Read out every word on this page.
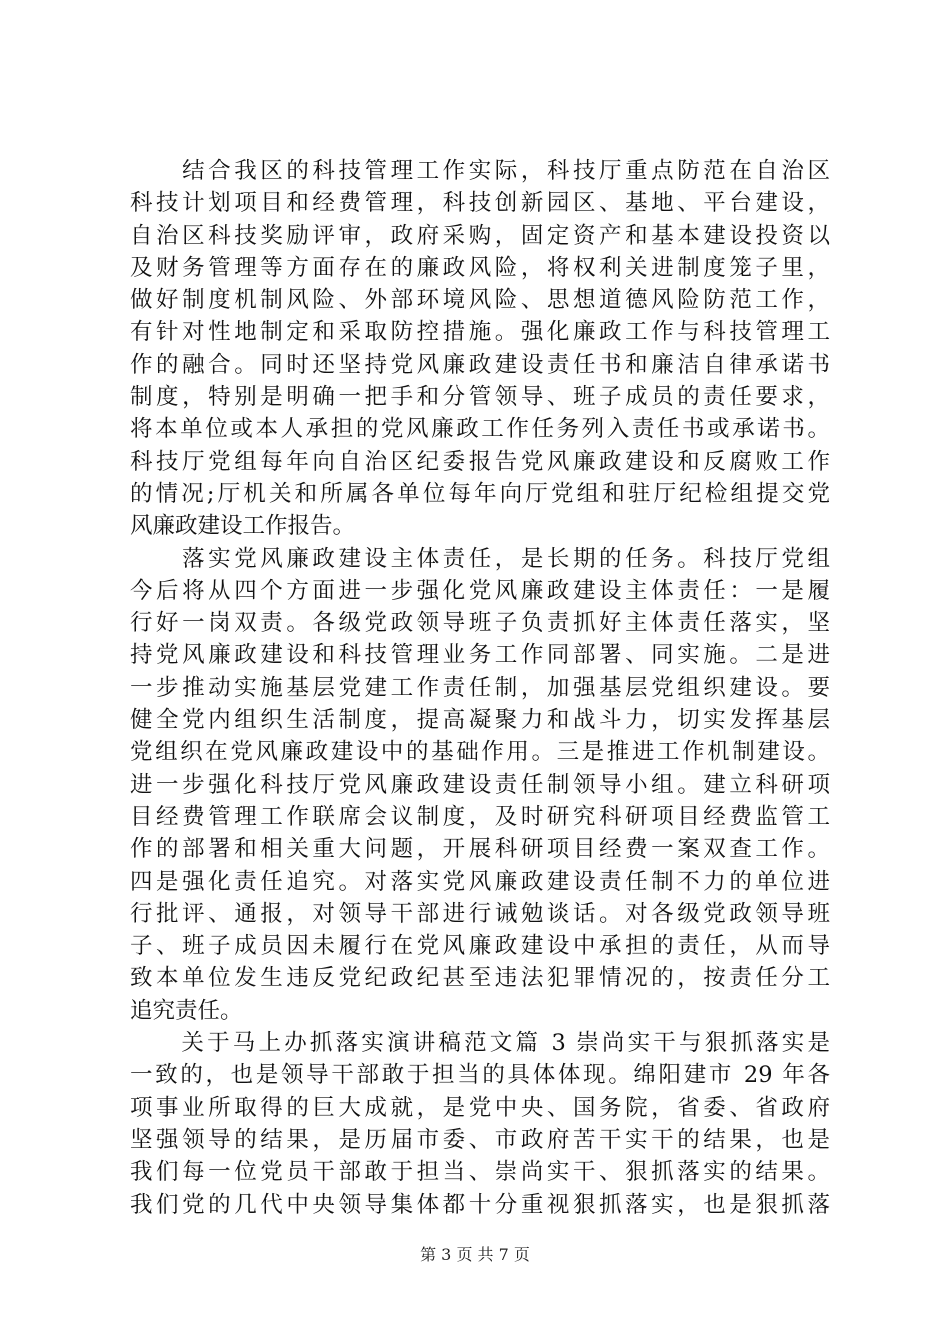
　　结合我区的科技管理工作实际，科技厅重点防范在自治区
科技计划项目和经费管理，科技创新园区、基地、平台建设，
自治区科技奖励评审，政府采购，固定资产和基本建设投资以
及财务管理等方面存在的廉政风险，将权利关进制度笼子里，
做好制度机制风险、外部环境风险、思想道德风险防范工作，
有针对性地制定和采取防控措施。强化廉政工作与科技管理工
作的融合。同时还坚持党风廉政建设责任书和廉洁自律承诺书
制度，特别是明确一把手和分管领导、班子成员的责任要求，
将本单位或本人承担的党风廉政工作任务列入责任书或承诺书。
科技厅党组每年向自治区纪委报告党风廉政建设和反腐败工作
的情况;厅机关和所属各单位每年向厅党组和驻厅纪检组提交党
风廉政建设工作报告。
　　落实党风廉政建设主体责任，是长期的任务。科技厅党组
今后将从四个方面进一步强化党风廉政建设主体责任：一是履
行好一岗双责。各级党政领导班子负责抓好主体责任落实，坚
持党风廉政建设和科技管理业务工作同部署、同实施。二是进
一步推动实施基层党建工作责任制，加强基层党组织建设。要
健全党内组织生活制度，提高凝聚力和战斗力，切实发挥基层
党组织在党风廉政建设中的基础作用。三是推进工作机制建设。
进一步强化科技厅党风廉政建设责任制领导小组。建立科研项
目经费管理工作联席会议制度，及时研究科研项目经费监管工
作的部署和相关重大问题，开展科研项目经费一案双查工作。
四是强化责任追究。对落实党风廉政建设责任制不力的单位进
行批评、通报，对领导干部进行诫勉谈话。对各级党政领导班
子、班子成员因未履行在党风廉政建设中承担的责任，从而导
致本单位发生违反党纪政纪甚至违法犯罪情况的，按责任分工
追究责任。
　　关于马上办抓落实演讲稿范文篇 3 崇尚实干与狠抓落实是
一致的，也是领导干部敢于担当的具体体现。绵阳建市 29 年各
项事业所取得的巨大成就，是党中央、国务院，省委、省政府
坚强领导的结果，是历届市委、市政府苦干实干的结果，也是
我们每一位党员干部敢于担当、崇尚实干、狠抓落实的结果。
我们党的几代中央领导集体都十分重视狠抓落实，也是狠抓落
第 3 页 共 7 页
